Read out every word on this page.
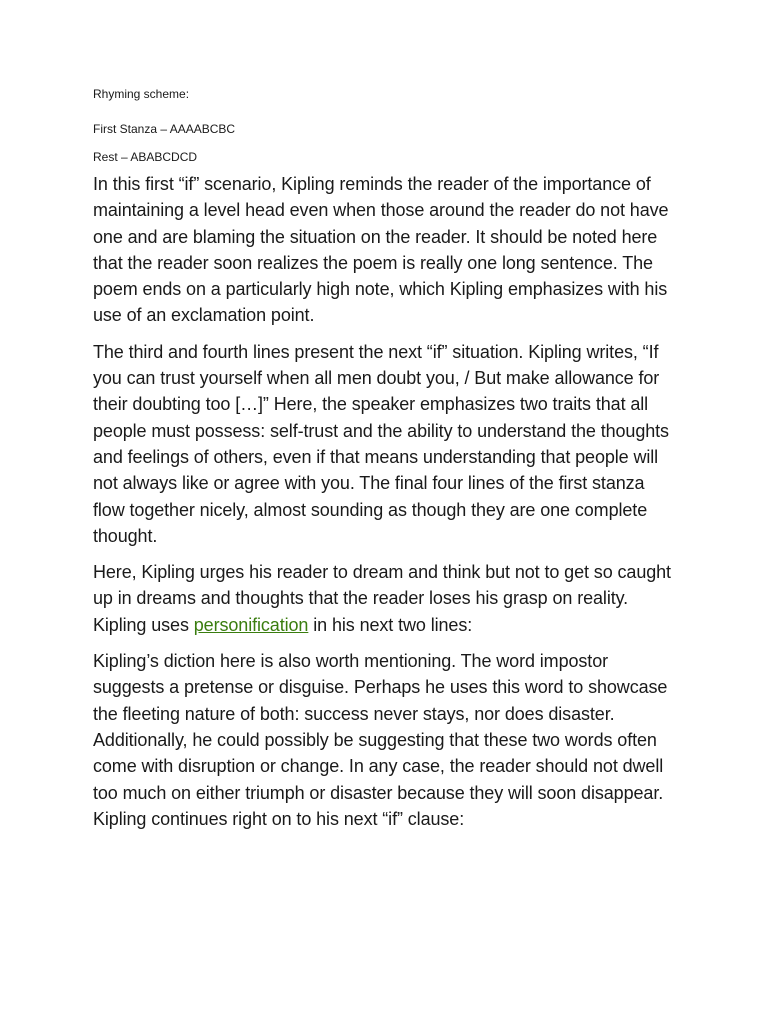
Rhyming scheme:

First Stanza – AAAABCBC

Rest – ABABCDCD

In this first “if” scenario, Kipling reminds the reader of the importance of maintaining a level head even when those around the reader do not have one and are blaming the situation on the reader. It should be noted here that the reader soon realizes the poem is really one long sentence. The poem ends on a particularly high note, which Kipling emphasizes with his use of an exclamation point.

The third and fourth lines present the next “if” situation. Kipling writes, “If you can trust yourself when all men doubt you, / But make allowance for their doubting too […]” Here, the speaker emphasizes two traits that all people must possess: self-trust and the ability to understand the thoughts and feelings of others, even if that means understanding that people will not always like or agree with you. The final four lines of the first stanza flow together nicely, almost sounding as though they are one complete thought.

Here, Kipling urges his reader to dream and think but not to get so caught up in dreams and thoughts that the reader loses his grasp on reality. Kipling uses personification in his next two lines:

Kipling’s diction here is also worth mentioning. The word impostor suggests a pretense or disguise. Perhaps he uses this word to showcase the fleeting nature of both: success never stays, nor does disaster. Additionally, he could possibly be suggesting that these two words often come with disruption or change. In any case, the reader should not dwell too much on either triumph or disaster because they will soon disappear. Kipling continues right on to his next “if” clause:
